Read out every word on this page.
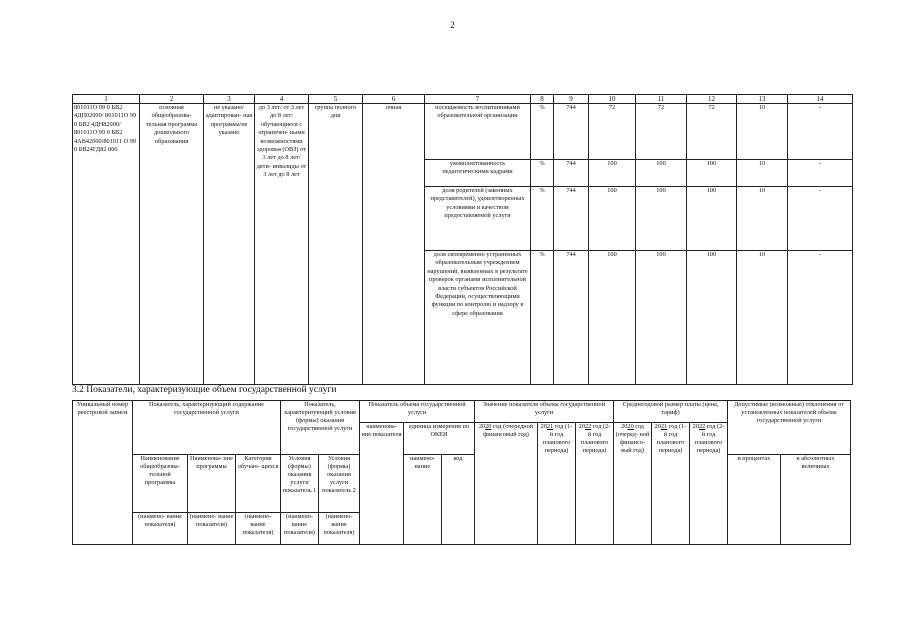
2
1	2	3	4	5	6	7	8	9	10	11	12	13	14
801011О 99 0 БВ2 4ДП02000/ 801011О 99 0 БВ2 4ДН82000/ 801011О 99 0 БВ2 4АВ42000/801011 О 99 0 БВ24ГД82 000	основная общеобразова- тельная программа дошкольного образования	не указано/ адаптирован- ная программа/не указано	до 3 лет/ от 3 лет до 8 лет/ обучающиеся с ограничен- ными возможностями здоровья (ОВЗ) от 3 лет до 8 лет/ дети- инвалиды от 3 лет до 8 лет	группа полного дня	очная	посещаемость воспитанниками образовательной организации	%	744	72	72	72	10	-
						укомплектованность педагогическими кадрами	%	744	100	100	100	10	-
						доля родителей (законных представителей), удовлетворенных условиями и качеством предоставляемой услуги	%	744	100	100	100	10	-
						доля своевременно устраненных образовательным учреждением нарушений, выявленных в результате проверок органами исполнительной власти субъектов Российской Федерации, осуществляющими функции по контролю и надзору в сфере образования	%	744	100	100	100	10	-
3.2 Показатели, характеризующие объем государственной услуги
Уникальный номер реестровой записи	Показатель, характеризующий содержание государственной услуги			Показатель, характеризующий условия (формы) оказания государственной услуги		Показатель объема государственной услуги			Значение показателя объема государственной услуги			Среднегодовой размер платы (цена, тариф)			Допустимые (возможные) отклонения от установленных показателей объема государственной услуги	
						наименова- ние показателя	единица измерения по ОКЕИ		2020 год (очередной финансовый год)	2021 год (1-й год планового периода)	2022 год (2-й год планового периода)	2020 год (очеред- ной финансо- вый год)	2021 год (1-й год планового периода)	2022 год (2-й год планового периода)		
	Наименование общеобразова- тельной программы	Наименова- ние программы	Категория обучаю- щихся	Условия (формы) оказания услуги показатель 1	Условия (формы) оказания услуги показатель 2		наимено- вание	код							в процентах	в абсолютных величинах
	(наимено- вание показателя)	(наимено- вание показателя)	(наимено- вание показателя)	(наимено- вание показателя)	(наимено- вание показателя)											
